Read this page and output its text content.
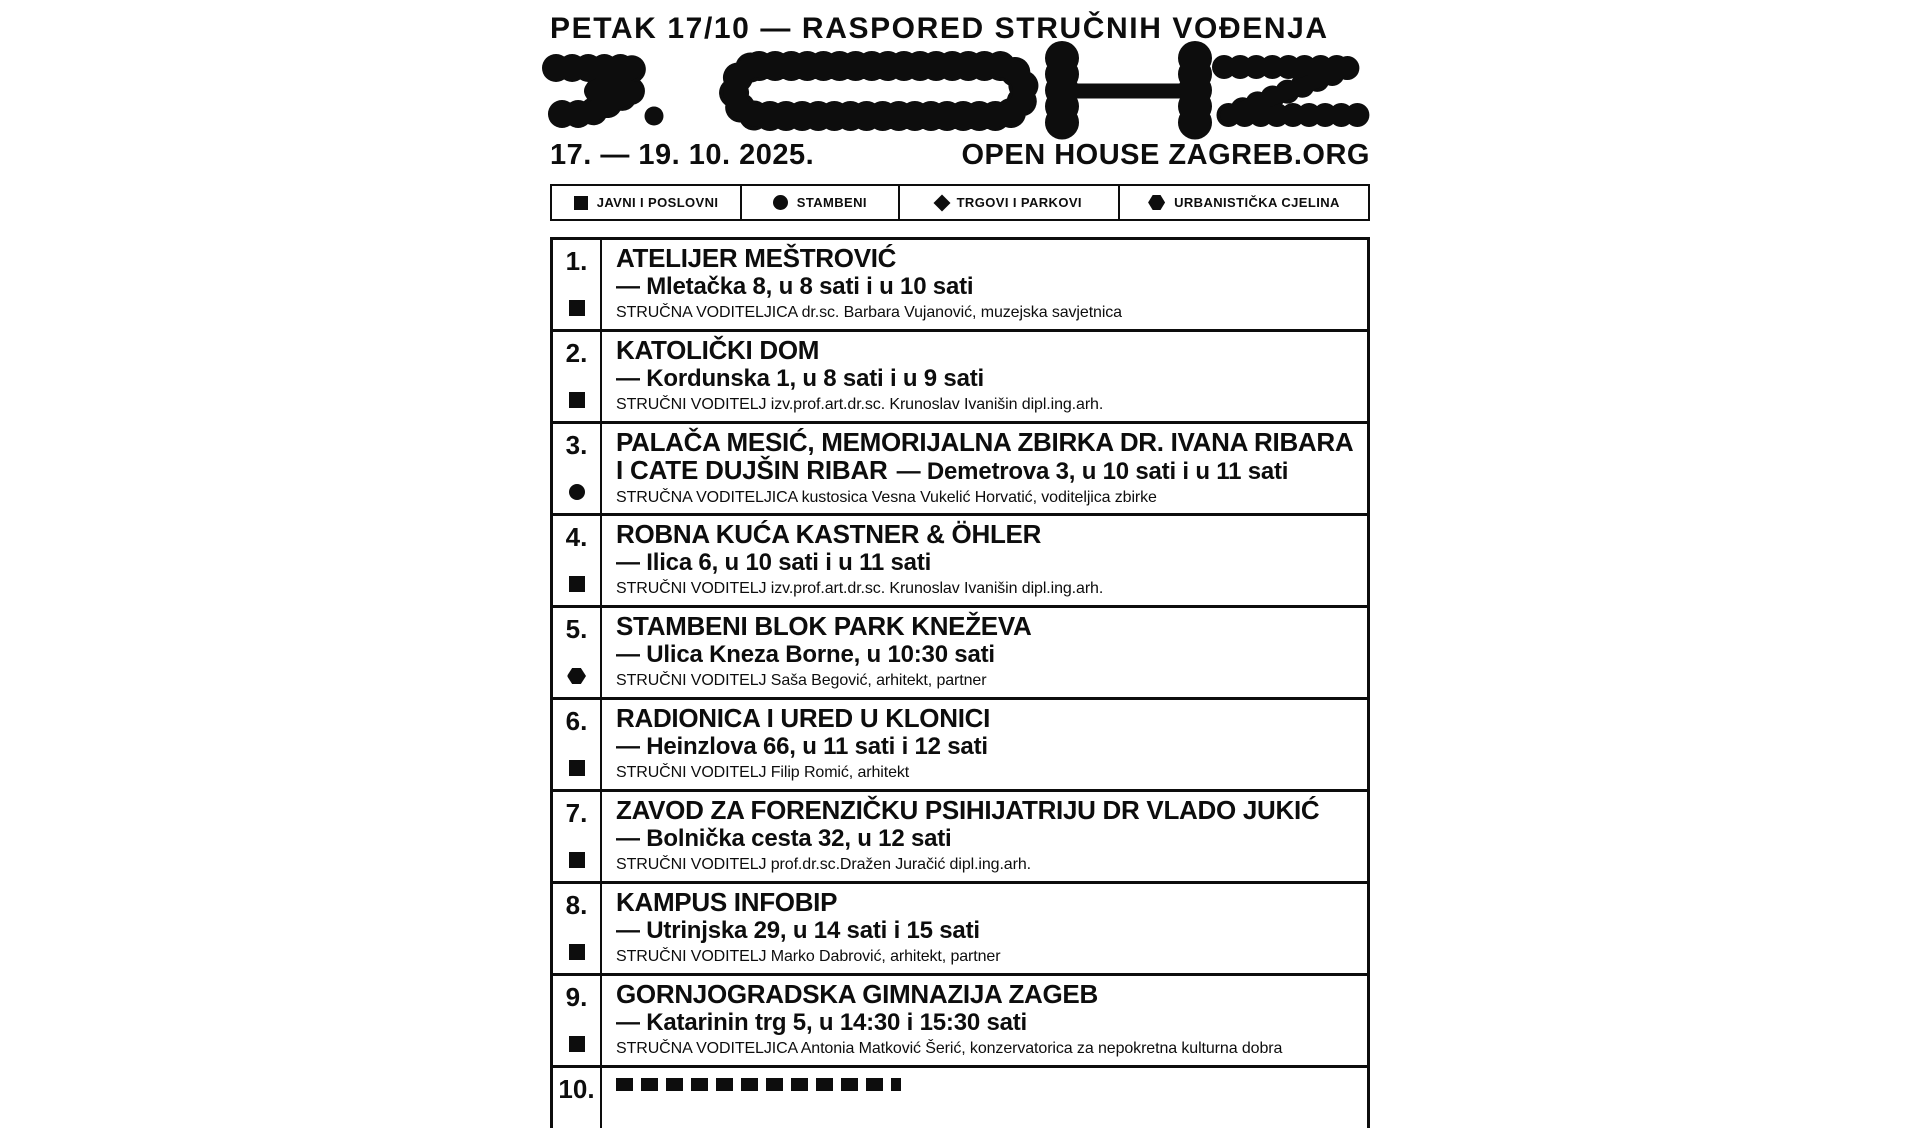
PETAK 17/10 — RASPORED STRUČNIH VOĐENJA
17. — 19. 10. 2025.	OPEN HOUSE ZAGREB.ORG
JAVNI I POSLOVNI	STAMBENI	TRGOVI I PARKOVI	URBANISTIČKA CJELINA
1.	ATELIJER MEŠTROVIĆ
— Mletačka 8, u 8 sati i u 10 sati
STRUČNA VODITELJICA dr.sc. Barbara Vujanović, muzejska savjetnica
2.	KATOLIČKI DOM
— Kordunska 1, u 8 sati i u 9 sati
STRUČNI VODITELJ izv.prof.art.dr.sc. Krunoslav Ivanišin dipl.ing.arh.
3.	PALAČA MESIĆ, MEMORIJALNA ZBIRKA DR. IVANA RIBARA
I CATE DUJŠIN RIBAR — Demetrova 3, u 10 sati i u 11 sati
STRUČNA VODITELJICA kustosica Vesna Vukelić Horvatić, voditeljica zbirke
4.	ROBNA KUĆA KASTNER & ÖHLER
— Ilica 6, u 10 sati i u 11 sati
STRUČNI VODITELJ izv.prof.art.dr.sc. Krunoslav Ivanišin dipl.ing.arh.
5.	STAMBENI BLOK PARK KNEŽEVA
— Ulica Kneza Borne, u 10:30 sati
STRUČNI VODITELJ Saša Begović, arhitekt, partner
6.	RADIONICA I URED U KLONICI
— Heinzlova 66, u 11 sati i 12 sati
STRUČNI VODITELJ Filip Romić, arhitekt
7.	ZAVOD ZA FORENZIČKU PSIHIJATRIJU DR VLADO JUKIĆ
— Bolnička cesta 32, u 12 sati
STRUČNI VODITELJ prof.dr.sc.Dražen Juračić dipl.ing.arh.
8.	KAMPUS INFOBIP
— Utrinjska 29, u 14 sati i 15 sati
STRUČNI VODITELJ Marko Dabrović, arhitekt, partner
9.	GORNJOGRADSKA GIMNAZIJA ZAGEB
— Katarinin trg 5, u 14:30 i 15:30 sati
STRUČNA VODITELJICA Antonia Matković Šerić, konzervatorica za nepokretna kulturna dobra
10.
